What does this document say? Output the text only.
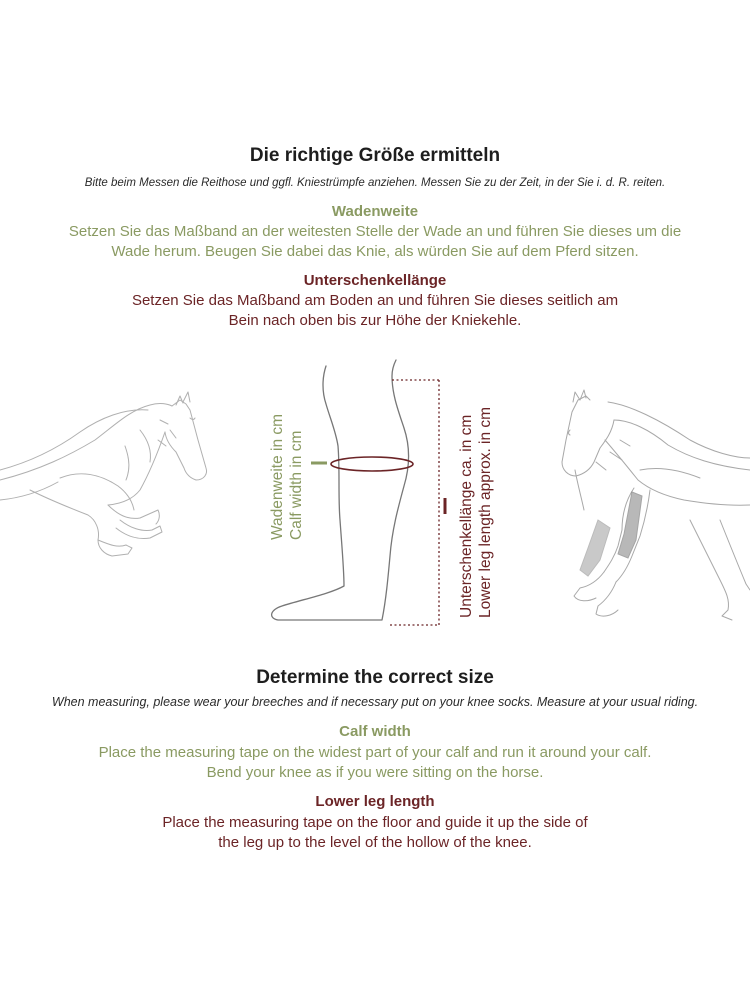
Die richtige Größe ermitteln
Bitte beim Messen die Reithose und ggfl. Kniestrümpfe anziehen. Messen Sie zu der Zeit, in der Sie i. d. R. reiten.
Wadenweite
Setzen Sie das Maßband an der weitesten Stelle der Wade an und führen Sie dieses um die
Wade herum. Beugen Sie dabei das Knie, als würden Sie auf dem Pferd sitzen.
Unterschenkellänge
Setzen Sie das Maßband am Boden an und führen Sie dieses seitlich am
Bein nach oben bis zur Höhe der Kniekehle.
Wadenweite in cm Calf width in cm	Unterschenkellänge ca. in cm Lower leg length approx. in cm
Determine the correct size
When measuring, please wear your breeches and if necessary put on your knee socks. Measure at your usual riding.
Calf width
Place the measuring tape on the widest part of your calf and run it around your calf.
Bend your knee as if you were sitting on the horse.
Lower leg length
Place the measuring tape on the floor and guide it up the side of
the leg up to the level of the hollow of the knee.
